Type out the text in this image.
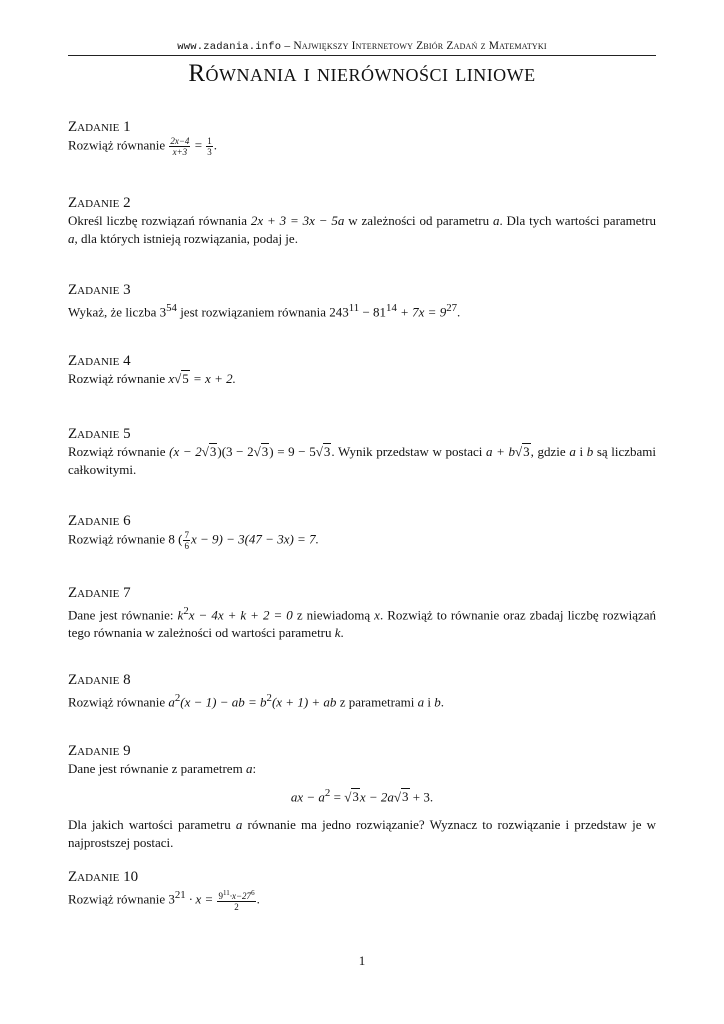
www.zadania.info – Największy Internetowy Zbiór Zadań z Matematyki
Równania i nierówności liniowe
Zadanie 1
Rozwiąż równanie $\frac{2x-4}{x+3} = \frac{1}{3}$ .
Zadanie 2
Określ liczbę rozwiązań równania 2x + 3 = 3x − 5a w zależności od parametru a. Dla tych wartości parametru a, dla których istnieją rozwiązania, podaj je.
Zadanie 3
Wykaż, że liczba $3^{54}$ jest rozwiązaniem równania $243^{11} - 81^{14} + 7x = 9^{27}$.
Zadanie 4
Rozwiąż równanie x√5 = x + 2.
Zadanie 5
Rozwiąż równanie (x − 2√3)(3 − 2√3) = 9 − 5√3. Wynik przedstaw w postaci a + b√3, gdzie a i b są liczbami całkowitymi.
Zadanie 6
Rozwiąż równanie 8 ( $\frac{7}{6}$ x − 9) − 3(47 − 3x) = 7.
Zadanie 7
Dane jest równanie: $k^2x - 4x + k + 2 = 0$ z niewiadomą x. Rozwiąż to równanie oraz zbadaj liczbę rozwiązań tego równania w zależności od wartości parametru k.
Zadanie 8
Rozwiąż równanie $a^2(x - 1)$ − ab = $b^2(x + 1)$ + ab z parametrami a i b.
Zadanie 9
Dane jest równanie z parametrem a:
ax − $a^2 = √3x - 2a√3 + 3$.
Dla jakich wartości parametru a równanie ma jedno rozwiązanie? Wyznacz to rozwiązanie i przedstaw je w najprostszej postaci.
Zadanie 10
Rozwiąż równanie $3^{21} \cdot x = \frac{9^{11}\cdot x-27^6}{2}$ .
1
